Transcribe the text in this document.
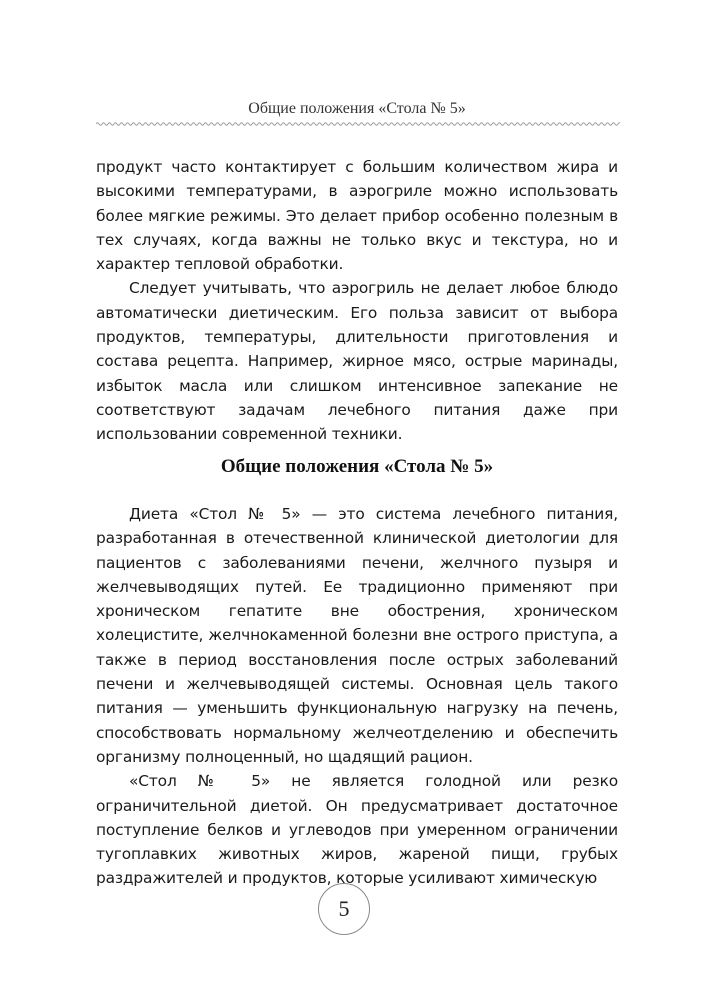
Общие положения «Стола № 5»

продукт часто контактирует с большим количеством жира и высокими температурами, в аэрогриле можно использовать более мягкие режимы. Это делает прибор особенно полезным в тех случаях, когда важны не только вкус и текстура, но и характер тепловой обработки.

Следует учитывать, что аэрогриль не делает любое блюдо автоматически диетическим. Его польза зависит от выбора продуктов, температуры, длительности приготовления и состава рецепта. Например, жирное мясо, острые маринады, избыток масла или слишком интенсивное запекание не соответствуют задачам лечебного питания даже при использовании современной техники.

Общие положения «Стола № 5»

Диета «Стол № 5» — это система лечебного питания, разработанная в отечественной клинической диетологии для пациентов с заболеваниями печени, желчного пузыря и желчевыводящих путей. Ее традиционно применяют при хроническом гепатите вне обострения, хроническом холецистите, желчнокаменной болезни вне острого приступа, а также в период восстановления после острых заболеваний печени и желчевыводящей системы. Основная цель такого питания — уменьшить функциональную нагрузку на печень, способствовать нормальному желчеотделению и обеспечить организму полноценный, но щадящий рацион.

«Стол № 5» не является голодной или резко ограничительной диетой. Он предусматривает достаточное поступление белков и углеводов при умеренном ограничении тугоплавких животных жиров, жареной пищи, грубых раздражителей и продуктов, которые усиливают химическую

5
